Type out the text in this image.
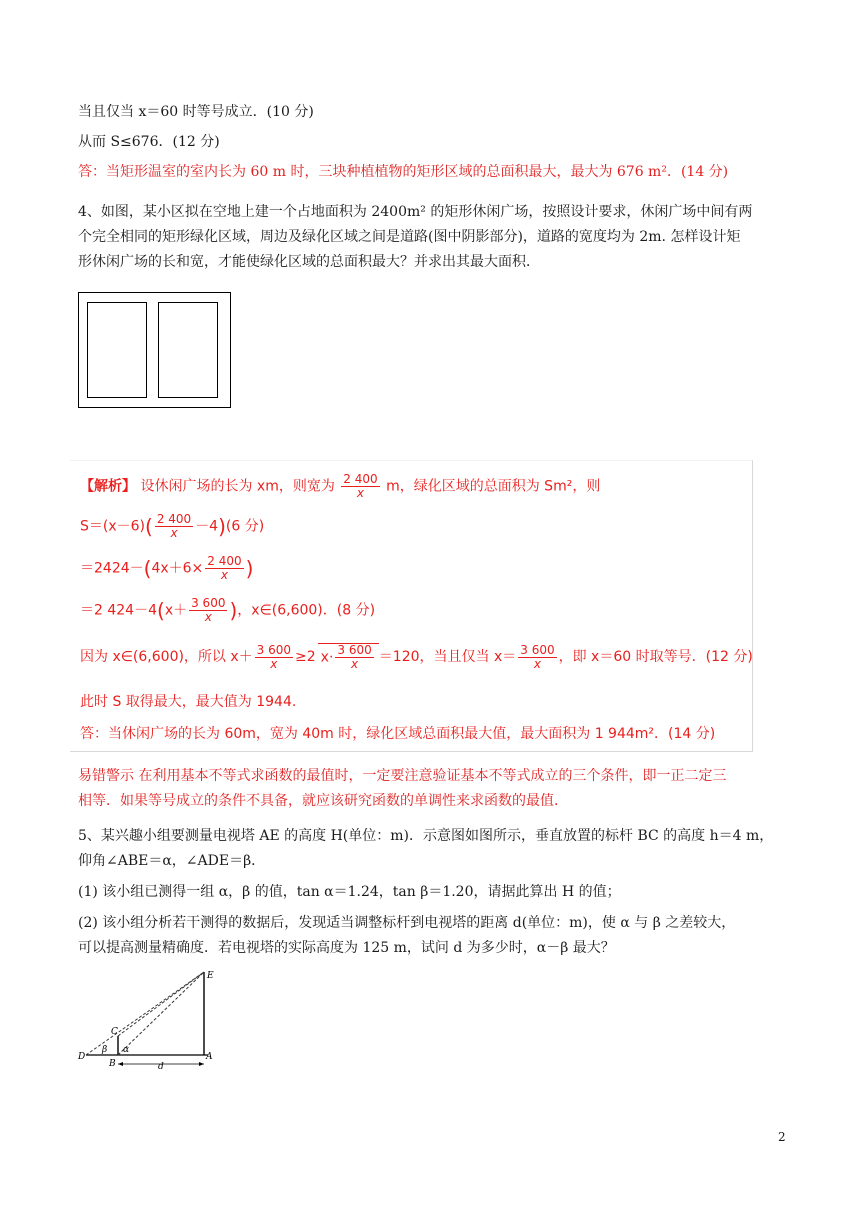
当且仅当 x＝60 时等号成立．(10 分)
从而 S≤676．(12 分)
答：当矩形温室的室内长为 60 m 时，三块种植植物的矩形区域的总面积最大，最大为 676 m²．(14 分)
4、如图，某小区拟在空地上建一个占地面积为 2400m² 的矩形休闲广场，按照设计要求，休闲广场中间有两
个完全相同的矩形绿化区域，周边及绿化区域之间是道路(图中阴影部分)，道路的宽度均为 2m. 怎样设计矩
形休闲广场的长和宽，才能使绿化区域的总面积最大？并求出其最大面积．
【解析】 设休闲广场的长为 xm，则宽为 $\frac{2 400}{x}$ m，绿化区域的总面积为 Sm²，则
$S=(x-6)( \frac{2 400}{x} -4)(6$ 分)
$=2424-(4x+6\times \frac{2 400}{x}$ )
＝2 $424-4(x+ \frac{3 600}{x}$ )，x∈(6,600)．(8 分)
因为 x∈(6,600)，所以 $x+ \frac{3 600}{x} \ge 2$ $x\cdot \frac{3 600}{x} =120$，当且仅当 $x= \frac{3 600}{x}$ ，即 x＝60 时取等号．(12 分)
此时 S 取得最大，最大值为 1944.
答：当休闲广场的长为 60m，宽为 40m 时，绿化区域总面积最大值，最大面积为 1 944m²．(14 分)
易错警示 在利用基本不等式求函数的最值时，一定要注意验证基本不等式成立的三个条件，即一正二定三
相等．如果等号成立的条件不具备，就应该研究函数的单调性来求函数的最值．
5、某兴趣小组要测量电视塔 AE 的高度 H(单位：m)．示意图如图所示，垂直放置的标杆 BC 的高度 h＝4 m，
仰角∠ABE＝α，∠ADE＝β．
(1) 该小组已测得一组 α，β 的值，tan α＝1.24，tan β＝1.20，请据此算出 H 的值；
(2) 该小组分析若干测得的数据后，发现适当调整标杆到电视塔的距离 d(单位：m)，使 α 与 β 之差较大，
可以提高测量精确度．若电视塔的实际高度为 125 m，试问 d 为多少时，α－β 最大？
E
C
D
B
A
β α
d
2
